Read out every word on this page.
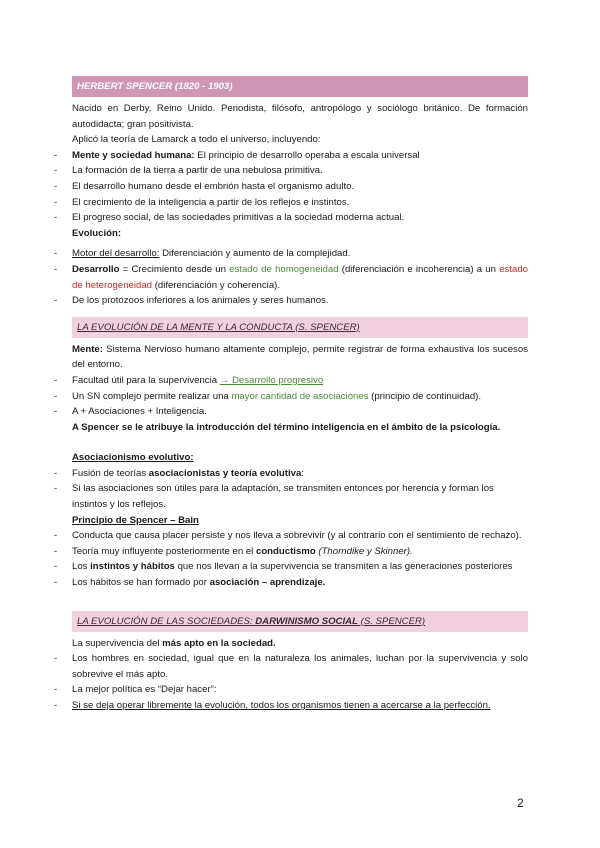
HERBERT SPENCER (1820 - 1903)

Nacido en Derby, Reino Unido. Periodista, filósofo, antropólogo y sociólogo británico. De formación autodidacta; gran positivista.

Aplicó la teoría de Lamarck a todo el universo, incluyendo:

- Mente y sociedad humana: El principio de desarrollo operaba a escala universal
- La formación de la tierra a partir de una nebulosa primitiva.
- El desarrollo humano desde el embrión hasta el organismo adulto.
- El crecimiento de la inteligencia a partir de los reflejos e instintos.
- El progreso social, de las sociedades primitivas a la sociedad moderna actual.

Evolución:

- Motor del desarrollo: Diferenciación y aumento de la complejidad.
- Desarrollo = Crecimiento desde un estado de homogeneidad (diferenciación e incoherencia) a un estado de heterogeneidad (diferenciación y coherencia).
- De los protozoos inferiores a los animales y seres humanos.
LA EVOLUCIÓN DE LA MENTE Y LA CONDUCTA (S. SPENCER)

Mente: Sistema Nervioso humano altamente complejo, permite registrar de forma exhaustiva los sucesos del entorno.

- Facultad útil para la supervivencia → Desarrollo progresivo
- Un SN complejo permite realizar una mayor cantidad de asociaciones (principio de continuidad).
- A + Asociaciones + Inteligencia.

A Spencer se le atribuye la introducción del término inteligencia en el ámbito de la psicología.

Asociacionismo evolutivo:

- Fusión de teorías asociacionistas y teoría evolutiva:
- Si las asociaciones son útiles para la adaptación, se transmiten entonces por herencia y forman los instintos y los reflejos.

Principio de Spencer – Bain

- Conducta que causa placer persiste y nos lleva a sobrevivir (y al contrario con el sentimiento de rechazo).
- Teoría muy influyente posteriormente en el conductismo (Thorndike y Skinner).
- Los instintos y hábitos que nos llevan a la supervivencia se transmiten a las generaciones posteriores
- Los hábitos se han formado por asociación – aprendizaje.
LA EVOLUCIÓN DE LAS SOCIEDADES: DARWINISMO SOCIAL (S. SPENCER)

La supervivencia del más apto en la sociedad.

- Los hombres en sociedad, igual que en la naturaleza los animales, luchan por la supervivencia y solo sobrevive el más apto.
- La mejor política es “Dejar hacer”:
- Si se deja operar libremente la evolución, todos los organismos tienen a acercarse a la perfección.
2
